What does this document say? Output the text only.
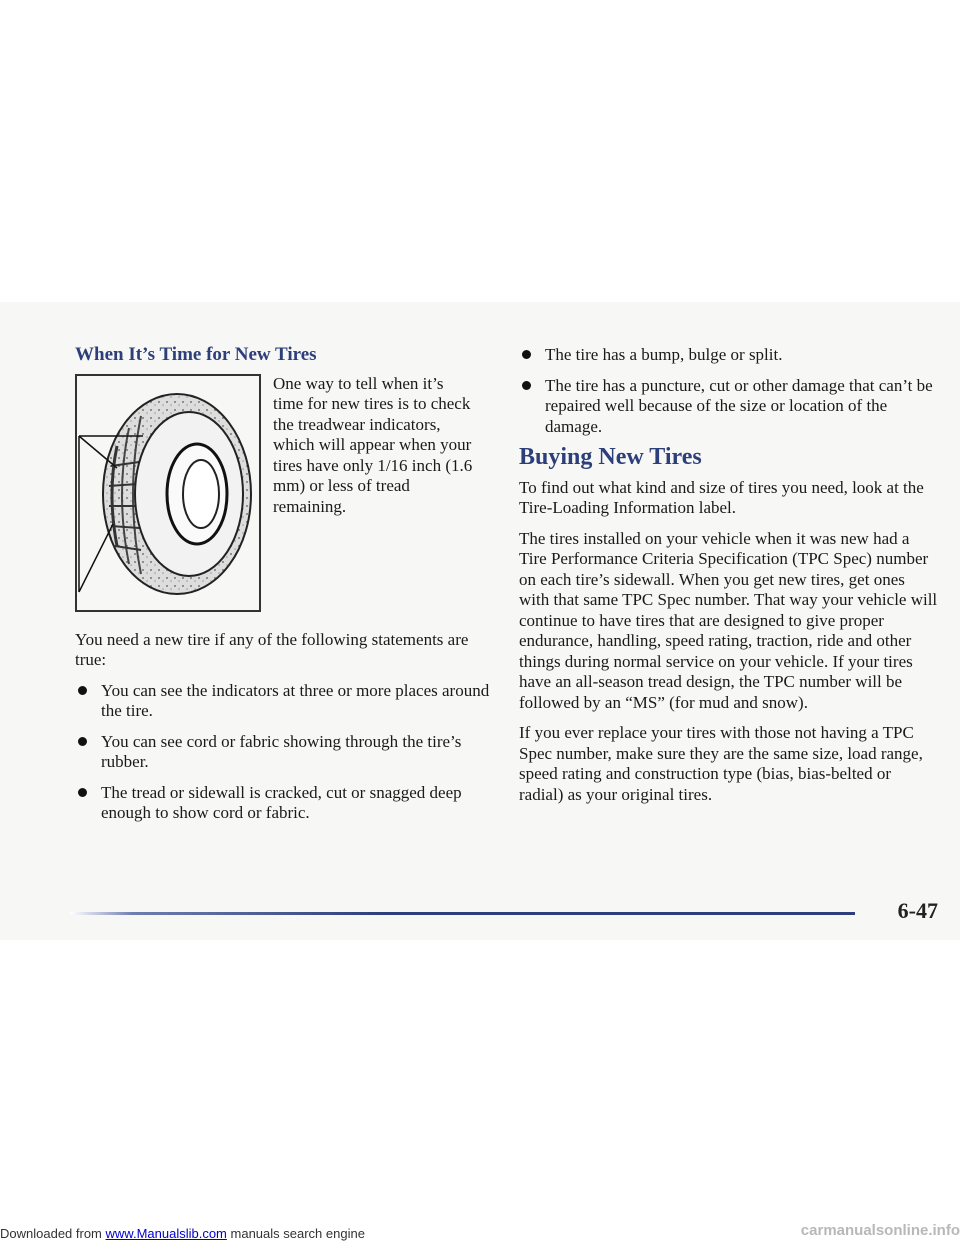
When It’s Time for New Tires

One way to tell when it’s time for new tires is to check the treadwear indicators, which will appear when your tires have only 1/16 inch (1.6 mm) or less of tread remaining.

You need a new tire if any of the following statements are true:

You can see the indicators at three or more places around the tire.
You can see cord or fabric showing through the tire’s rubber.
The tread or sidewall is cracked, cut or snagged deep enough to show cord or fabric.
The tire has a bump, bulge or split.
The tire has a puncture, cut or other damage that can’t be repaired well because of the size or location of the damage.
Buying New Tires

To find out what kind and size of tires you need, look at the Tire-Loading Information label.

The tires installed on your vehicle when it was new had a Tire Performance Criteria Specification (TPC Spec) number on each tire’s sidewall. When you get new tires, get ones with that same TPC Spec number. That way your vehicle will continue to have tires that are designed to give proper endurance, handling, speed rating, traction, ride and other things during normal service on your vehicle. If your tires have an all-season tread design, the TPC number will be followed by an “MS” (for mud and snow).

If you ever replace your tires with those not having a TPC Spec number, make sure they are the same size, load range, speed rating and construction type (bias, bias-belted or radial) as your original tires.

6-47
Downloaded from www.Manualslib.com manuals search engine	carmanualsonline.info
